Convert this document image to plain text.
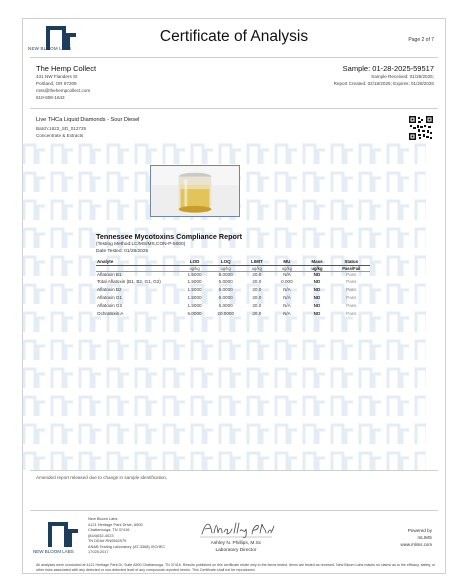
NEW BLOOM LABS
Certificate of Analysis	Page 2 of 7
The Hemp Collect
431 NW Flanders St
Portland, OR 97209
ross@thehempcollect.com
610-608-1643
Sample: 01-28-2025-59517
Sample Received: 01/28/2025;
Report Created: 02/18/2025; Expires: 01/28/2026
Live THCa Liquid Diamonds - Sour Diesel
Batch:1622_SD_012725
Concentrate & Extracts
Tennessee Mycotoxins Compliance Report
(Testing Method:LC/MS/MS,CON-P-5000)
Date Tested: 01/28/2025
Analyte	LOD	LOQ	LIMIT	MU	Mass	Status
	ug/kg	ug/kg	ug/kg	ug/kg	ug/kg	Pass/Fail
Aflatoxin B1	1.5000	5.0000	20.0	N/A	ND	Pass
Total Aflatoxin (B1, B2, G1, G2)	1.5000	5.0000	20.0	0.000	ND	Pass
Aflatoxin B2	1.5000	5.0000	20.0	N/A	ND	Pass
Aflatoxin G1	1.5000	5.0000	20.0	N/A	ND	Pass
Aflatoxin G2	1.5000	5.0000	20.0	N/A	ND	Pass
Ochratoxin A	6.0000	20.0000	20.0	N/A	ND	Pass
Amended report released due to change in sample identification.
NEW BLOOM LABS
New Bloom Labs
4121 Heritage Park Drive, A500
Chattanooga, TN 37416
(844)632-4023
TN DEA# RN0562979
ANAB Testing Laboratory (AT-3368) ISO/IEC
17025:2017
Ashley N. Phillips, M.Sc
Laboratory Director
Powered by
mLIMS
www.mlims.com
All analyses were conducted at 4121 Heritage Park Dr, Suite A500 Chattanooga, TN 37416. Results published on this certificate relate only to the items tested. Items are tested as received. New Bloom Labs makes no claims as to the efficacy, safety, or other risks associated with any detected or non-detected level of any compounds reported herein. This Certificate shall not be reproduced.
